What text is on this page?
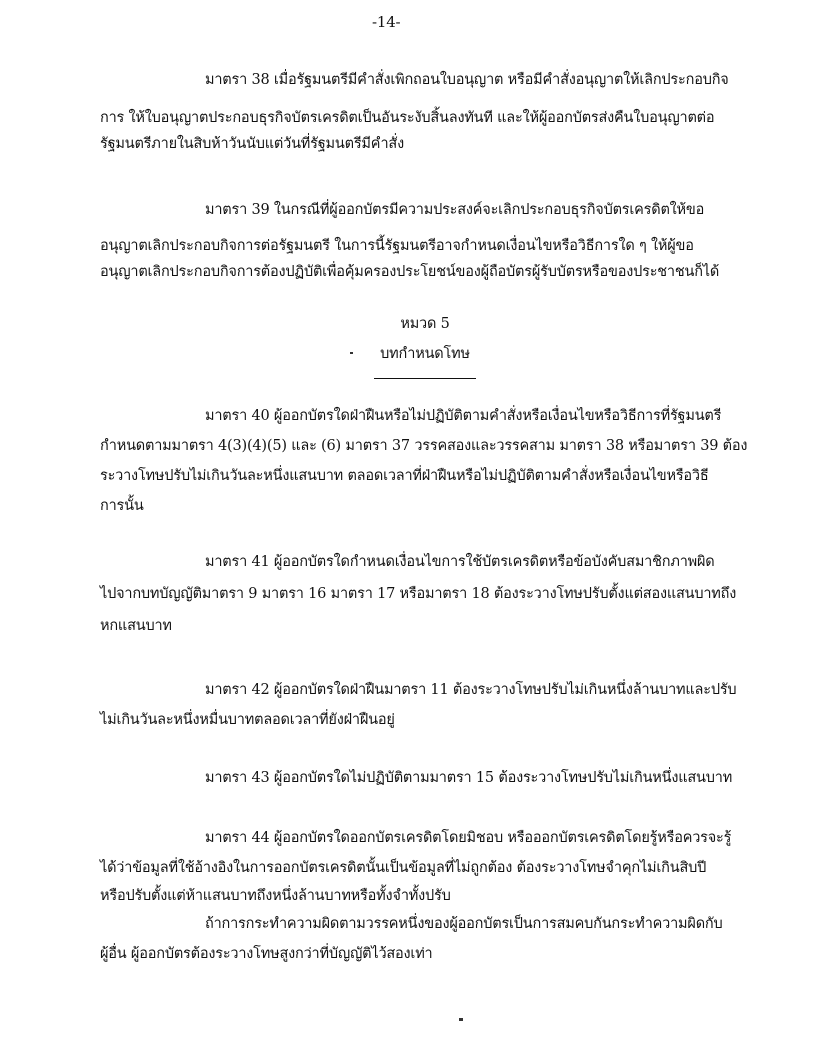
-14-
มาตรา 38 เมื่อรัฐมนตรีมีคำสั่งเพิกถอนใบอนุญาต หรือมีคำสั่งอนุญาตให้เลิกประกอบกิจ
การ ให้ใบอนุญาตประกอบธุรกิจบัตรเครดิตเป็นอันระงับสิ้นลงทันที และให้ผู้ออกบัตรส่งคืนใบอนุญาตต่อ
รัฐมนตรีภายในสิบห้าวันนับแต่วันที่รัฐมนตรีมีคำสั่ง
มาตรา 39 ในกรณีที่ผู้ออกบัตรมีความประสงค์จะเลิกประกอบธุรกิจบัตรเครดิตให้ขอ
อนุญาตเลิกประกอบกิจการต่อรัฐมนตรี ในการนี้รัฐมนตรีอาจกำหนดเงื่อนไขหรือวิธีการใด ๆ ให้ผู้ขอ
อนุญาตเลิกประกอบกิจการต้องปฏิบัติเพื่อคุ้มครองประโยชน์ของผู้ถือบัตรผู้รับบัตรหรือของประชาชนก็ได้
หมวด 5
บทกำหนดโทษ
มาตรา 40 ผู้ออกบัตรใดฝ่าฝืนหรือไม่ปฏิบัติตามคำสั่งหรือเงื่อนไขหรือวิธีการที่รัฐมนตรี
กำหนดตามมาตรา 4(3)(4)(5) และ (6) มาตรา 37 วรรคสองและวรรคสาม มาตรา 38 หรือมาตรา 39 ต้อง
ระวางโทษปรับไม่เกินวันละหนึ่งแสนบาท ตลอดเวลาที่ฝ่าฝืนหรือไม่ปฏิบัติตามคำสั่งหรือเงื่อนไขหรือวิธี
การนั้น
มาตรา 41 ผู้ออกบัตรใดกำหนดเงื่อนไขการใช้บัตรเครดิตหรือข้อบังคับสมาชิกภาพผิด
ไปจากบทบัญญัติมาตรา 9 มาตรา 16 มาตรา 17 หรือมาตรา 18 ต้องระวางโทษปรับตั้งแต่สองแสนบาทถึง
หกแสนบาท
มาตรา 42 ผู้ออกบัตรใดฝ่าฝืนมาตรา 11 ต้องระวางโทษปรับไม่เกินหนึ่งล้านบาทและปรับ
ไม่เกินวันละหนึ่งหมื่นบาทตลอดเวลาที่ยังฝ่าฝืนอยู่
มาตรา 43 ผู้ออกบัตรใดไม่ปฏิบัติตามมาตรา 15 ต้องระวางโทษปรับไม่เกินหนึ่งแสนบาท
มาตรา 44 ผู้ออกบัตรใดออกบัตรเครดิตโดยมิชอบ หรือออกบัตรเครดิตโดยรู้หรือควรจะรู้
ได้ว่าข้อมูลที่ใช้อ้างอิงในการออกบัตรเครดิตนั้นเป็นข้อมูลที่ไม่ถูกต้อง ต้องระวางโทษจำคุกไม่เกินสิบปี
หรือปรับตั้งแต่ห้าแสนบาทถึงหนึ่งล้านบาทหรือทั้งจำทั้งปรับ
ถ้าการกระทำความผิดตามวรรคหนึ่งของผู้ออกบัตรเป็นการสมคบกันกระทำความผิดกับ
ผู้อื่น ผู้ออกบัตรต้องระวางโทษสูงกว่าที่บัญญัติไว้สองเท่า
